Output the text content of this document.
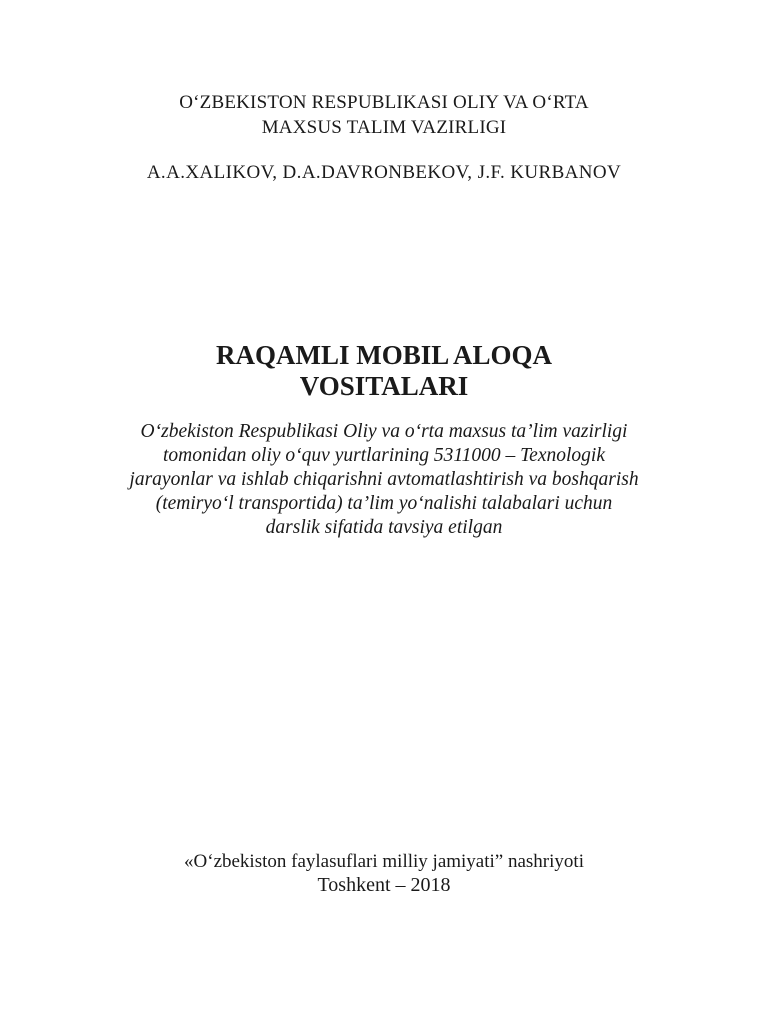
O‘ZBEKISTON RESPUBLIKASI OLIY VA O‘RTA
MAXSUS TALIM VAZIRLIGI
A.A.XALIKOV, D.A.DAVRONBEKOV, J.F. KURBANOV
RAQAMLI MOBIL ALOQA
VOSITALARI
O‘zbekiston Respublikasi Oliy va o‘rta maxsus ta’lim vazirligi
tomonidan oliy o‘quv yurtlarining 5311000 – Texnologik
jarayonlar va ishlab chiqarishni avtomatlashtirish va boshqarish
(temiryo‘l transportida) ta’lim yo‘nalishi talabalari uchun
darslik sifatida tavsiya etilgan
«O‘zbekiston faylasuflari milliy jamiyati” nashriyoti
Toshkent – 2018
